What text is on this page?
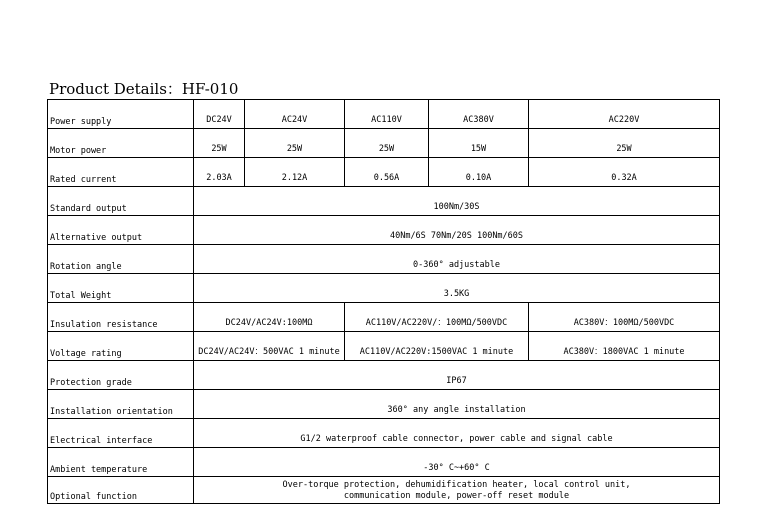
Product Details：HF-010
Power supply	DC24V	AC24V	AC110V	AC380V	AC220V
Motor power	25W	25W	25W	15W	25W
Rated current	2.03A	2.12A	0.56A	0.10A	0.32A
Standard output	100Nm/30S				
Alternative output	40Nm/6S 70Nm/20S 100Nm/60S				
Rotation angle	0-360° adjustable				
Total Weight	3.5KG				
Insulation resistance	DC24V/AC24V:100MΩ		AC110V/AC220V/：100MΩ/500VDC		AC380V：100MΩ/500VDC
Voltage rating	DC24V/AC24V：500VAC 1 minute		AC110V/AC220V:1500VAC 1 minute		AC380V：1800VAC 1 minute
Protection grade	IP67				
Installation orientation	360° any angle installation				
Electrical interface	G1/2 waterproof cable connector, power cable and signal cable				
Ambient temperature	-30° C~+60° C				
Optional function	Over-torque protection, dehumidification heater, local control unit,
communication module, power-off reset module				
